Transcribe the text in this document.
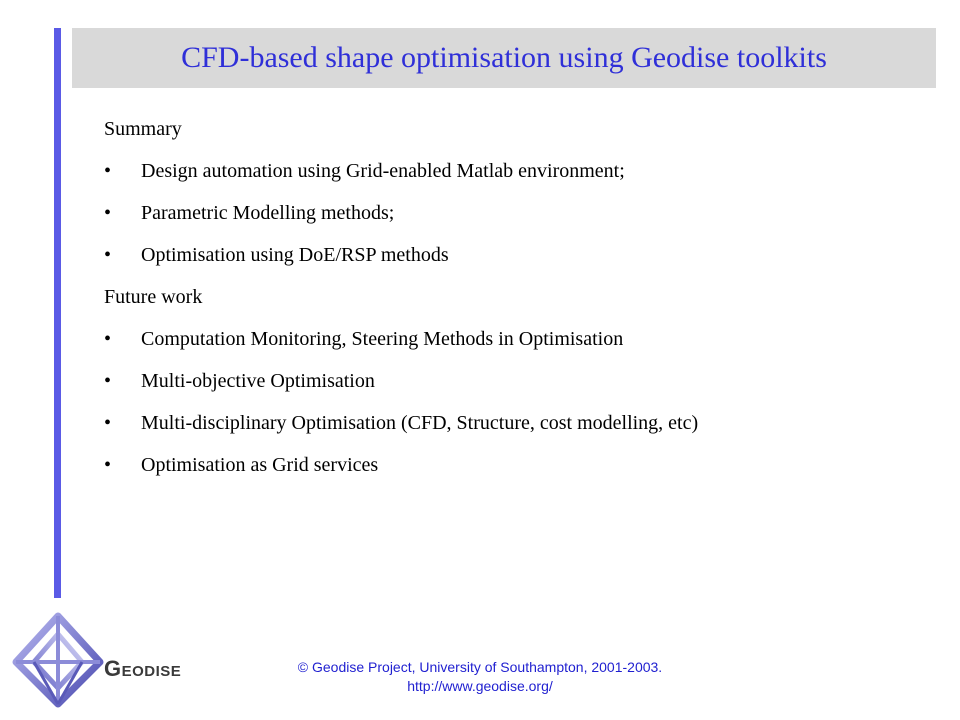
CFD-based shape optimisation using Geodise toolkits
Summary
• Design automation using Grid-enabled Matlab environment;
• Parametric Modelling methods;
• Optimisation using DoE/RSP methods
Future work
• Computation Monitoring, Steering Methods in Optimisation
• Multi-objective Optimisation
• Multi-disciplinary Optimisation (CFD, Structure, cost modelling, etc)
• Optimisation as Grid services
Geodise	© Geodise Project, University of Southampton, 2001-2003.
http://www.geodise.org/
